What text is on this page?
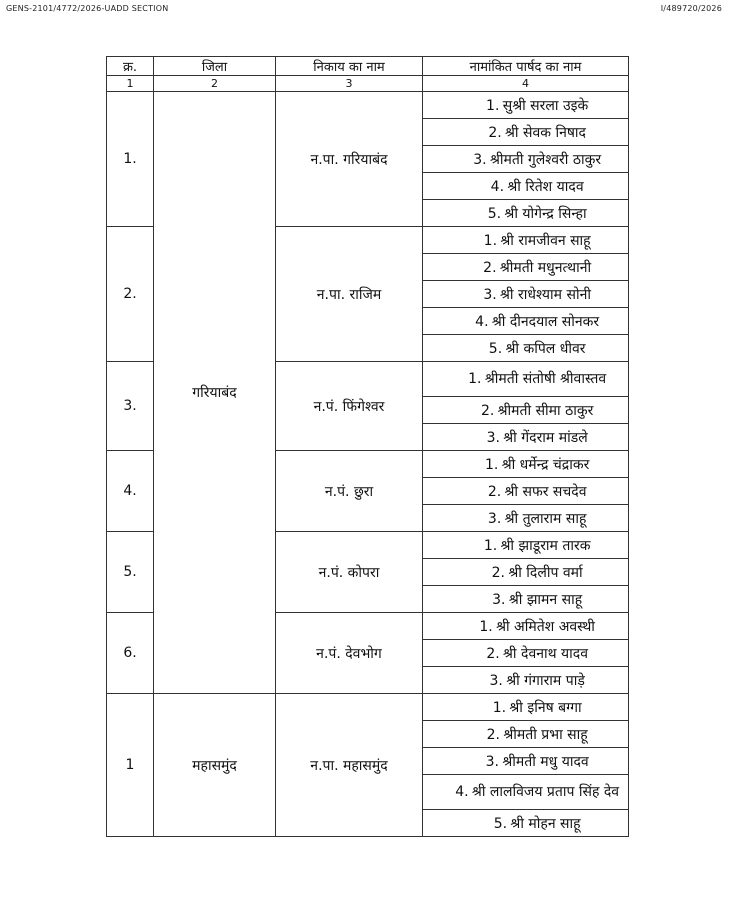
GENS-2101/4772/2026-UADD SECTION	I/489720/2026
क्र.	जिला	निकाय का नाम	नामांकित पार्षद का नाम
1	2	3	4
1.	गरियाबंद	न.पा. गरियाबंद	1. सुश्री सरला उइके
			2. श्री सेवक निषाद
			3. श्रीमती गुलेश्वरी ठाकुर
			4. श्री रितेश यादव
			5. श्री योगेन्द्र सिन्हा
2.		न.पा. राजिम	1. श्री रामजीवन साहू
			2. श्रीमती मधुनत्थानी
			3. श्री राधेश्याम सोनी
			4. श्री दीनदयाल सोनकर
			5. श्री कपिल धीवर
3.		न.पं. फिंगेश्वर	1. श्रीमती संतोषी श्रीवास्तव
			2. श्रीमती सीमा ठाकुर
			3. श्री गेंदराम मांडले
4.		न.पं. छुरा	1. श्री धर्मेन्द्र चंद्राकर
			2. श्री सफर सचदेव
			3. श्री तुलाराम साहू
5.		न.पं. कोपरा	1. श्री झाडूराम तारक
			2. श्री दिलीप वर्मा
			3. श्री झामन साहू
6.		न.पं. देवभोग	1. श्री अमितेश अवस्थी
			2. श्री देवनाथ यादव
			3. श्री गंगाराम पाड़े
1	महासमुंद	न.पा. महासमुंद	1. श्री इनिष बग्गा
			2. श्रीमती प्रभा साहू
			3. श्रीमती मधु यादव
			4. श्री लालविजय प्रताप सिंह देव
			5. श्री मोहन साहू
